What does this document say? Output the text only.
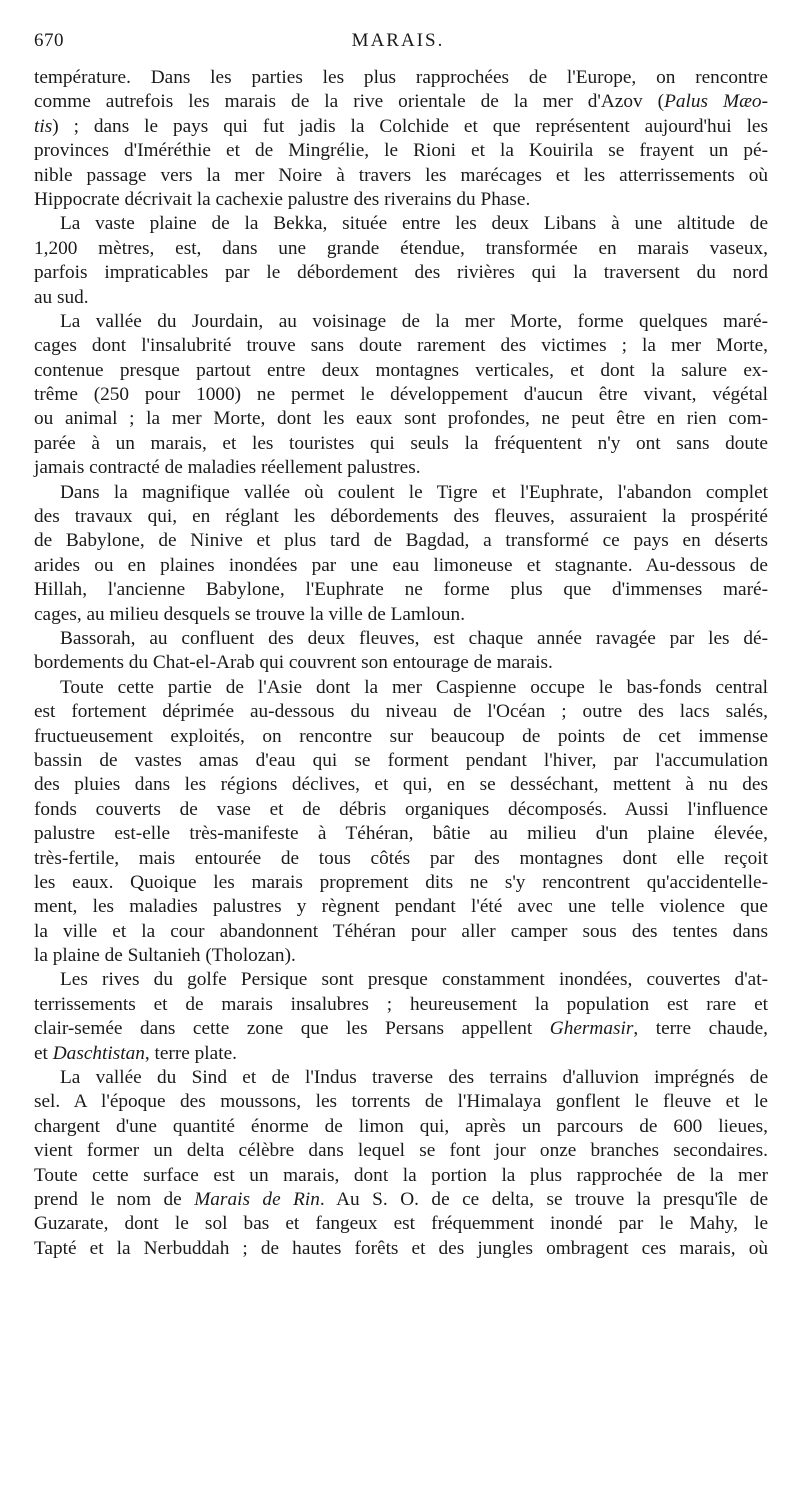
670	MARAIS.
température. Dans les parties les plus rapprochées de l'Europe, on rencontre
comme autrefois les marais de la rive orientale de la mer d'Azov (Palus Mæo-
tis) ; dans le pays qui fut jadis la Colchide et que représentent aujourd'hui les
provinces d'Iméréthie et de Mingrélie, le Rioni et la Kouirila se frayent un pé-
nible passage vers la mer Noire à travers les marécages et les atterrissements où
Hippocrate décrivait la cachexie palustre des riverains du Phase.
La vaste plaine de la Bekka, située entre les deux Libans à une altitude de
1,200 mètres, est, dans une grande étendue, transformée en marais vaseux,
parfois impraticables par le débordement des rivières qui la traversent du nord
au sud.
La vallée du Jourdain, au voisinage de la mer Morte, forme quelques maré-
cages dont l'insalubrité trouve sans doute rarement des victimes ; la mer Morte,
contenue presque partout entre deux montagnes verticales, et dont la salure ex-
trême (250 pour 1000) ne permet le développement d'aucun être vivant, végétal
ou animal ; la mer Morte, dont les eaux sont profondes, ne peut être en rien com-
parée à un marais, et les touristes qui seuls la fréquentent n'y ont sans doute
jamais contracté de maladies réellement palustres.
Dans la magnifique vallée où coulent le Tigre et l'Euphrate, l'abandon complet
des travaux qui, en réglant les débordements des fleuves, assuraient la prospérité
de Babylone, de Ninive et plus tard de Bagdad, a transformé ce pays en déserts
arides ou en plaines inondées par une eau limoneuse et stagnante. Au-dessous de
Hillah, l'ancienne Babylone, l'Euphrate ne forme plus que d'immenses maré-
cages, au milieu desquels se trouve la ville de Lamloun.
Bassorah, au confluent des deux fleuves, est chaque année ravagée par les dé-
bordements du Chat-el-Arab qui couvrent son entourage de marais.
Toute cette partie de l'Asie dont la mer Caspienne occupe le bas-fonds central
est fortement déprimée au-dessous du niveau de l'Océan ; outre des lacs salés,
fructueusement exploités, on rencontre sur beaucoup de points de cet immense
bassin de vastes amas d'eau qui se forment pendant l'hiver, par l'accumulation
des pluies dans les régions déclives, et qui, en se desséchant, mettent à nu des
fonds couverts de vase et de débris organiques décomposés. Aussi l'influence
palustre est-elle très-manifeste à Téhéran, bâtie au milieu d'un plaine élevée,
très-fertile, mais entourée de tous côtés par des montagnes dont elle reçoit
les eaux. Quoique les marais proprement dits ne s'y rencontrent qu'accidentelle-
ment, les maladies palustres y règnent pendant l'été avec une telle violence que
la ville et la cour abandonnent Téhéran pour aller camper sous des tentes dans
la plaine de Sultanieh (Tholozan).
Les rives du golfe Persique sont presque constamment inondées, couvertes d'at-
terrissements et de marais insalubres ; heureusement la population est rare et
clair-semée dans cette zone que les Persans appellent Ghermasir, terre chaude,
et Daschtistan, terre plate.
La vallée du Sind et de l'Indus traverse des terrains d'alluvion imprégnés de
sel. A l'époque des moussons, les torrents de l'Himalaya gonflent le fleuve et le
chargent d'une quantité énorme de limon qui, après un parcours de 600 lieues,
vient former un delta célèbre dans lequel se font jour onze branches secondaires.
Toute cette surface est un marais, dont la portion la plus rapprochée de la mer
prend le nom de Marais de Rin. Au S. O. de ce delta, se trouve la presqu'île de
Guzarate, dont le sol bas et fangeux est fréquemment inondé par le Mahy, le
Tapté et la Nerbuddah ; de hautes forêts et des jungles ombragent ces marais, où
